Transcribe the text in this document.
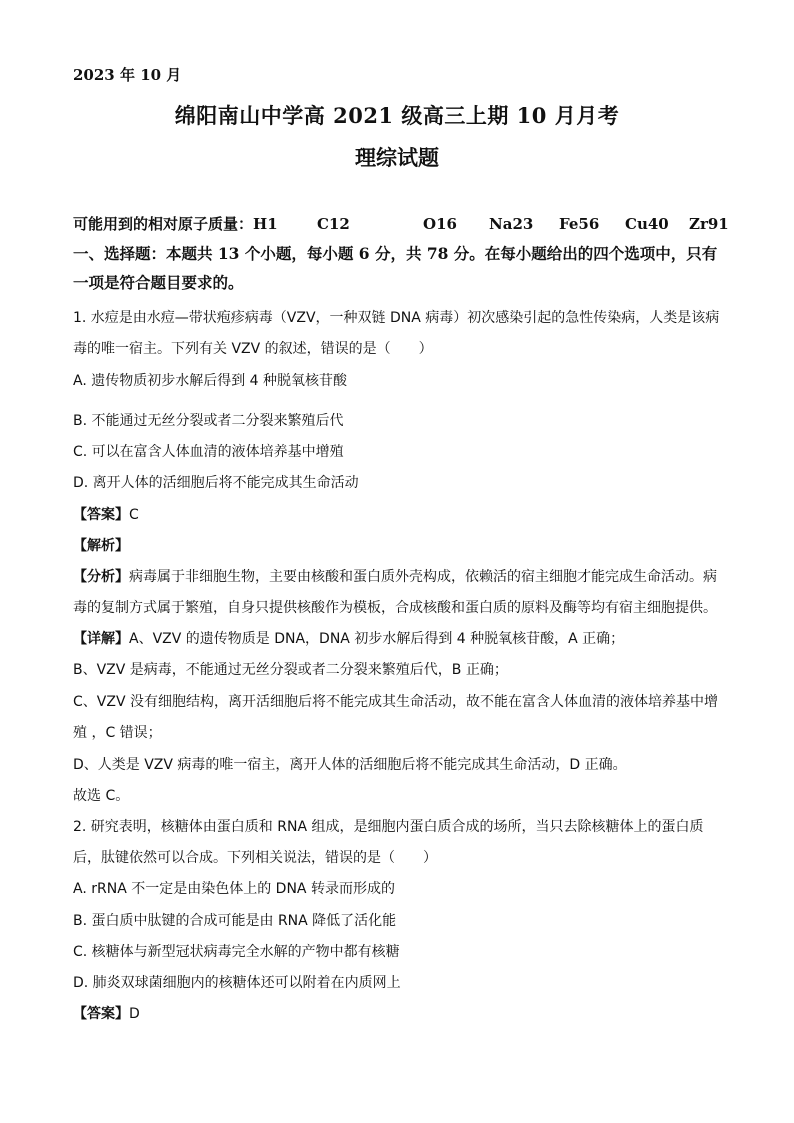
2023 年 10 月
绵阳南山中学高 2021 级高三上期 10 月月考
理综试题
可能用到的相对原子质量：H1	C12	O16 Na23 Fe56 Cu40 Zr91
一、选择题：本题共 13 个小题，每小题 6 分，共 78 分。在每小题给出的四个选项中，只有一项是符合题目要求的。
1. 水痘是由水痘—带状疱疹病毒（VZV，一种双链 DNA 病毒）初次感染引起的急性传染病，人类是该病
毒的唯一宿主。下列有关 VZV 的叙述，错误的是（　　）
A. 遗传物质初步水解后得到 4 种脱氧核苷酸
B. 不能通过无丝分裂或者二分裂来繁殖后代
C. 可以在富含人体血清的液体培养基中增殖
D. 离开人体的活细胞后将不能完成其生命活动
【答案】C
【解析】
【分析】病毒属于非细胞生物，主要由核酸和蛋白质外壳构成，依赖活的宿主细胞才能完成生命活动。病
毒的复制方式属于繁殖，自身只提供核酸作为模板，合成核酸和蛋白质的原料及酶等均有宿主细胞提供。
【详解】A、VZV 的遗传物质是 DNA，DNA 初步水解后得到 4 种脱氧核苷酸，A 正确；
B、VZV 是病毒，不能通过无丝分裂或者二分裂来繁殖后代，B 正确；
C、VZV 没有细胞结构，离开活细胞后将不能完成其生命活动，故不能在富含人体血清的液体培养基中增
殖 ，C 错误；
D、人类是 VZV 病毒的唯一宿主，离开人体的活细胞后将不能完成其生命活动，D 正确。
故选 C。
2. 研究表明，核糖体由蛋白质和 RNA 组成，是细胞内蛋白质合成的场所，当只去除核糖体上的蛋白质
后，肽键依然可以合成。下列相关说法，错误的是（　　）
A. rRNA 不一定是由染色体上的 DNA 转录而形成的
B. 蛋白质中肽键的合成可能是由 RNA 降低了活化能
C. 核糖体与新型冠状病毒完全水解的产物中都有核糖
D. 肺炎双球菌细胞内的核糖体还可以附着在内质网上
【答案】D
